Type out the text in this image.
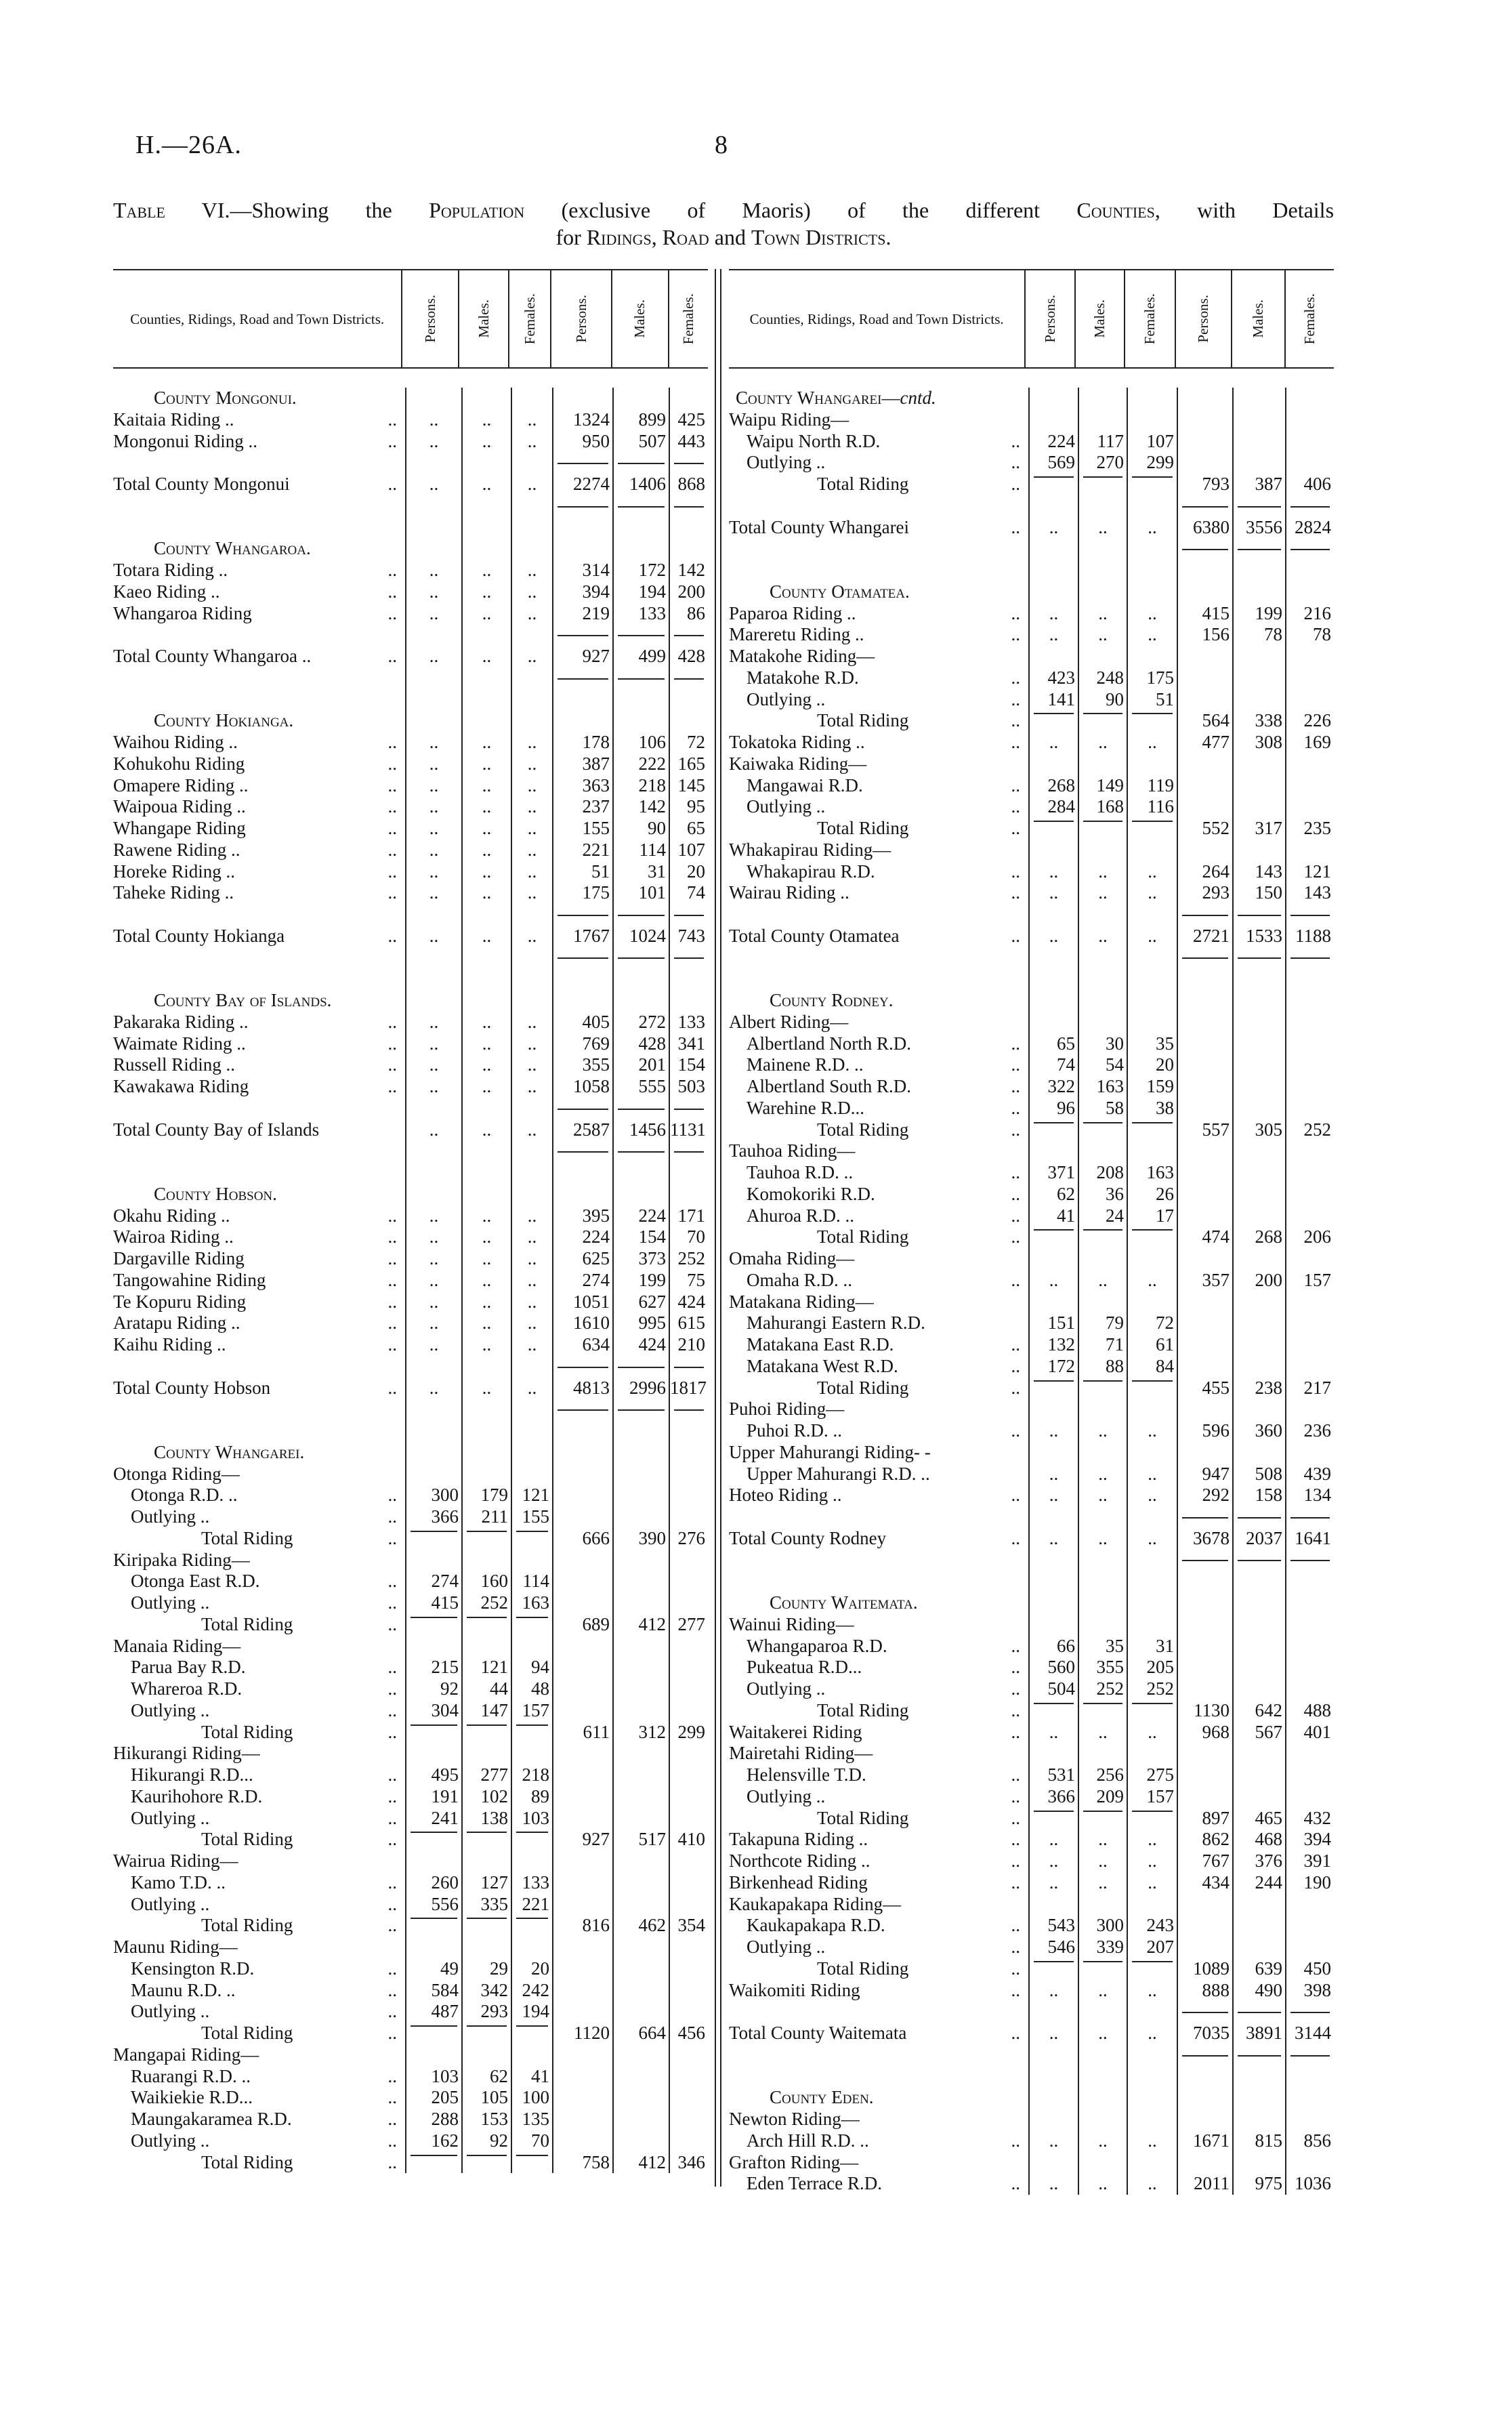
H.—26A.	8
Table VI.—Showing the Population (exclusive of Maoris) of the different Counties, with Details
for Ridings, Road and Town Districts.
Counties, Ridings, Road and Town Districts.	Persons.	Males. Females. Persons.	Males. Females.
County Mongonui.
Kaitaia Riding ..	..	..	..	..	1324	899 425
Mongonui Riding ..	..	..	..	..	950	507 443
Total County Mongonui	..	..	..	..	2274	1406 868
County Whangaroa.
Totara Riding ..	..	..	..	..	314	172 142
Kaeo Riding ..	..	..	..	..	394	194 200
Whangaroa Riding	..	..	..	..	219	133	86
Total County Whangaroa ..	..	..	..	..	927	499 428
County Hokianga.
Waihou Riding ..	..	..	..	..	178	106	72
Kohukohu Riding	..	..	..	..	387	222 165
Omapere Riding ..	..	..	..	..	363	218 145
Waipoua Riding ..	..	..	..	..	237	142	95
Whangape Riding	..	..	..	..	155	90	65
Rawene Riding ..	..	..	..	..	221	114 107
Horeke Riding ..	..	..	..	..	51	31	20
Taheke Riding ..	..	..	..	..	175	101	74
Total County Hokianga	..	..	..	..	1767	1024 743
County Bay of Islands.
Pakaraka Riding ..	..	..	..	..	405	272 133
Waimate Riding ..	..	..	..	..	769	428 341
Russell Riding ..	..	..	..	..	355	201 154
Kawakawa Riding	..	..	..	..	1058	555 503
Total County Bay of Islands	..	..	..	2587	1456 1131
County Hobson.
Okahu Riding ..	..	..	..	..	395	224 171
Wairoa Riding ..	..	..	..	..	224	154	70
Dargaville Riding	..	..	..	..	625	373 252
Tangowahine Riding	..	..	..	..	274	199	75
Te Kopuru Riding	..	..	..	..	1051	627 424
Aratapu Riding ..	..	..	..	..	1610	995 615
Kaihu Riding ..	..	..	..	..	634	424 210
Total County Hobson	..	..	..	..	4813	2996 1817
County Whangarei.
Otonga Riding—
Otonga R.D. ..	..	300	179 121
Outlying ..	..	366	211 155
Total Riding	..	666	390 276
Kiripaka Riding—
Otonga East R.D.	..	274	160 114
Outlying ..	..	415	252 163
Total Riding	..	689	412 277
Manaia Riding—
Parua Bay R.D.	..	215	121	94
Whareroa R.D.	..	92	44	48
Outlying ..	..	304	147 157
Total Riding	..	611	312 299
Hikurangi Riding—
Hikurangi R.D...	..	495	277 218
Kaurihohore R.D.	..	191	102	89
Outlying ..	..	241	138 103
Total Riding	..	927	517 410
Wairua Riding—
Kamo T.D. ..	..	260	127 133
Outlying ..	..	556	335 221
Total Riding	..	816	462 354
Maunu Riding—
Kensington R.D.	..	49	29	20
Maunu R.D. ..	..	584	342 242
Outlying ..	..	487	293 194
Total Riding	..	1120	664 456
Mangapai Riding—
Ruarangi R.D. ..	..	103	62	41
Waikiekie R.D...	..	205	105 100
Maungakaramea R.D.	..	288	153 135
Outlying ..	..	162	92	70
Total Riding	..	758	412 346
Counties, Ridings, Road and Town Districts.	Persons. Males. Females.	Persons.	Males. Females.
County Whangarei—cntd.
Waipu Riding—
Waipu North R.D.	..	224	117	107
Outlying ..	..	569	270	299
Total Riding	..	793	387	406
Total County Whangarei	..	..	..	..	6380 3556 2824
County Otamatea.
Paparoa Riding ..	..	..	..	..	415	199	216
Mareretu Riding ..	..	..	..	..	156	78	78
Matakohe Riding—
Matakohe R.D.	..	423	248	175
Outlying ..	..	141	90	51
Total Riding	..	564	338	226
Tokatoka Riding ..	..	..	..	..	477	308	169
Kaiwaka Riding—
Mangawai R.D.	..	268	149	119
Outlying ..	..	284	168	116
Total Riding	..	552	317	235
Whakapirau Riding—
Whakapirau R.D.	..	..	..	..	264	143	121
Wairau Riding ..	..	..	..	..	293	150	143
Total County Otamatea	..	..	..	..	2721 1533 1188
County Rodney.
Albert Riding—
Albertland North R.D.	..	65	30	35
Mainene R.D. ..	..	74	54	20
Albertland South R.D.	..	322	163	159
Warehine R.D...	..	96	58	38
Total Riding	..	557	305	252
Tauhoa Riding—
Tauhoa R.D. ..	..	371	208	163
Komokoriki R.D.	..	62	36	26
Ahuroa R.D. ..	..	41	24	17
Total Riding	..	474	268	206
Omaha Riding—
Omaha R.D. ..	..	..	..	..	357	200	157
Matakana Riding—
Mahurangi Eastern R.D.	151	79	72
Matakana East R.D.	..	132	71	61
Matakana West R.D.	..	172	88	84
Total Riding	..	455	238	217
Puhoi Riding—
Puhoi R.D. ..	..	..	..	..	596	360	236
Upper Mahurangi Riding- -
Upper Mahurangi R.D. ..	..	..	..	947	508	439
Hoteo Riding ..	..	..	..	..	292	158	134
Total County Rodney	..	..	..	..	3678 2037 1641
County Waitemata.
Wainui Riding—
Whangaparoa R.D.	..	66	35	31
Pukeatua R.D...	..	560	355	205
Outlying ..	..	504	252	252
Total Riding	..	1130	642	488
Waitakerei Riding	..	..	..	..	968	567	401
Mairetahi Riding—
Helensville T.D.	..	531	256	275
Outlying ..	..	366	209	157
Total Riding	..	897	465	432
Takapuna Riding ..	..	..	..	..	862	468	394
Northcote Riding ..	..	..	..	..	767	376	391
Birkenhead Riding	..	..	..	..	434	244	190
Kaukapakapa Riding—
Kaukapakapa R.D.	..	543	300	243
Outlying ..	..	546	339	207
Total Riding	..	1089	639	450
Waikomiti Riding	..	..	..	..	888	490	398
Total County Waitemata	..	..	..	..	7035 3891 3144
County Eden.
Newton Riding—
Arch Hill R.D. ..	..	..	..	..	1671	815	856
Grafton Riding—
Eden Terrace R.D.	..	..	..	..	2011	975 1036
